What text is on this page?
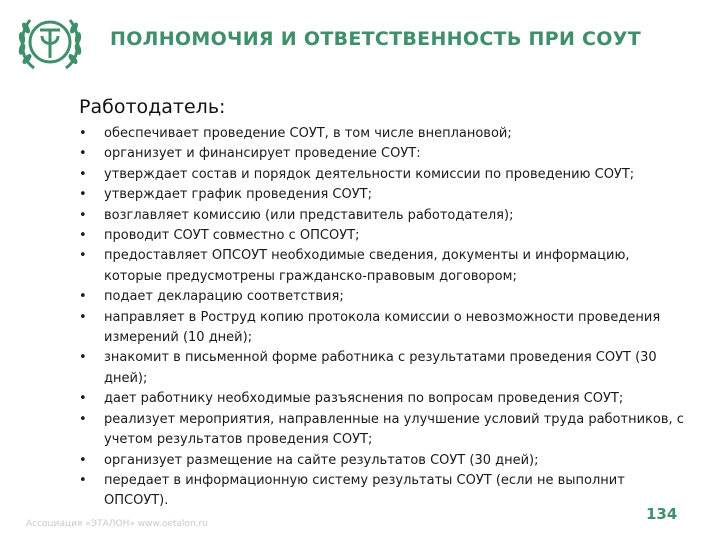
ПОЛНОМОЧИЯ И ОТВЕТСТВЕННОСТЬ ПРИ СОУТ
Работодатель:
• обеспечивает проведение СОУТ, в том числе внеплановой;
• организует и финансирует проведение СОУТ:
• утверждает состав и порядок деятельности комиссии по проведению СОУТ;
• утверждает график проведения СОУТ;
• возглавляет комиссию (или представитель работодателя);
• проводит СОУТ совместно с ОПСОУТ;
• предоставляет ОПСОУТ необходимые сведения, документы и информацию, которые предусмотрены гражданско-правовым договором;
• подает декларацию соответствия;
• направляет в Роструд копию протокола комиссии о невозможности проведения измерений (10 дней);
• знакомит в письменной форме работника с результатами проведения СОУТ (30 дней);
• дает работнику необходимые разъяснения по вопросам проведения СОУТ;
• реализует мероприятия, направленные на улучшение условий труда работников, с учетом результатов проведения СОУТ;
• организует размещение на сайте результатов СОУТ (30 дней);
• передает в информационную систему результаты СОУТ (если не выполнит ОПСОУТ).
Ассоциация «ЭТАЛОН» www.oetalon.ru
134
